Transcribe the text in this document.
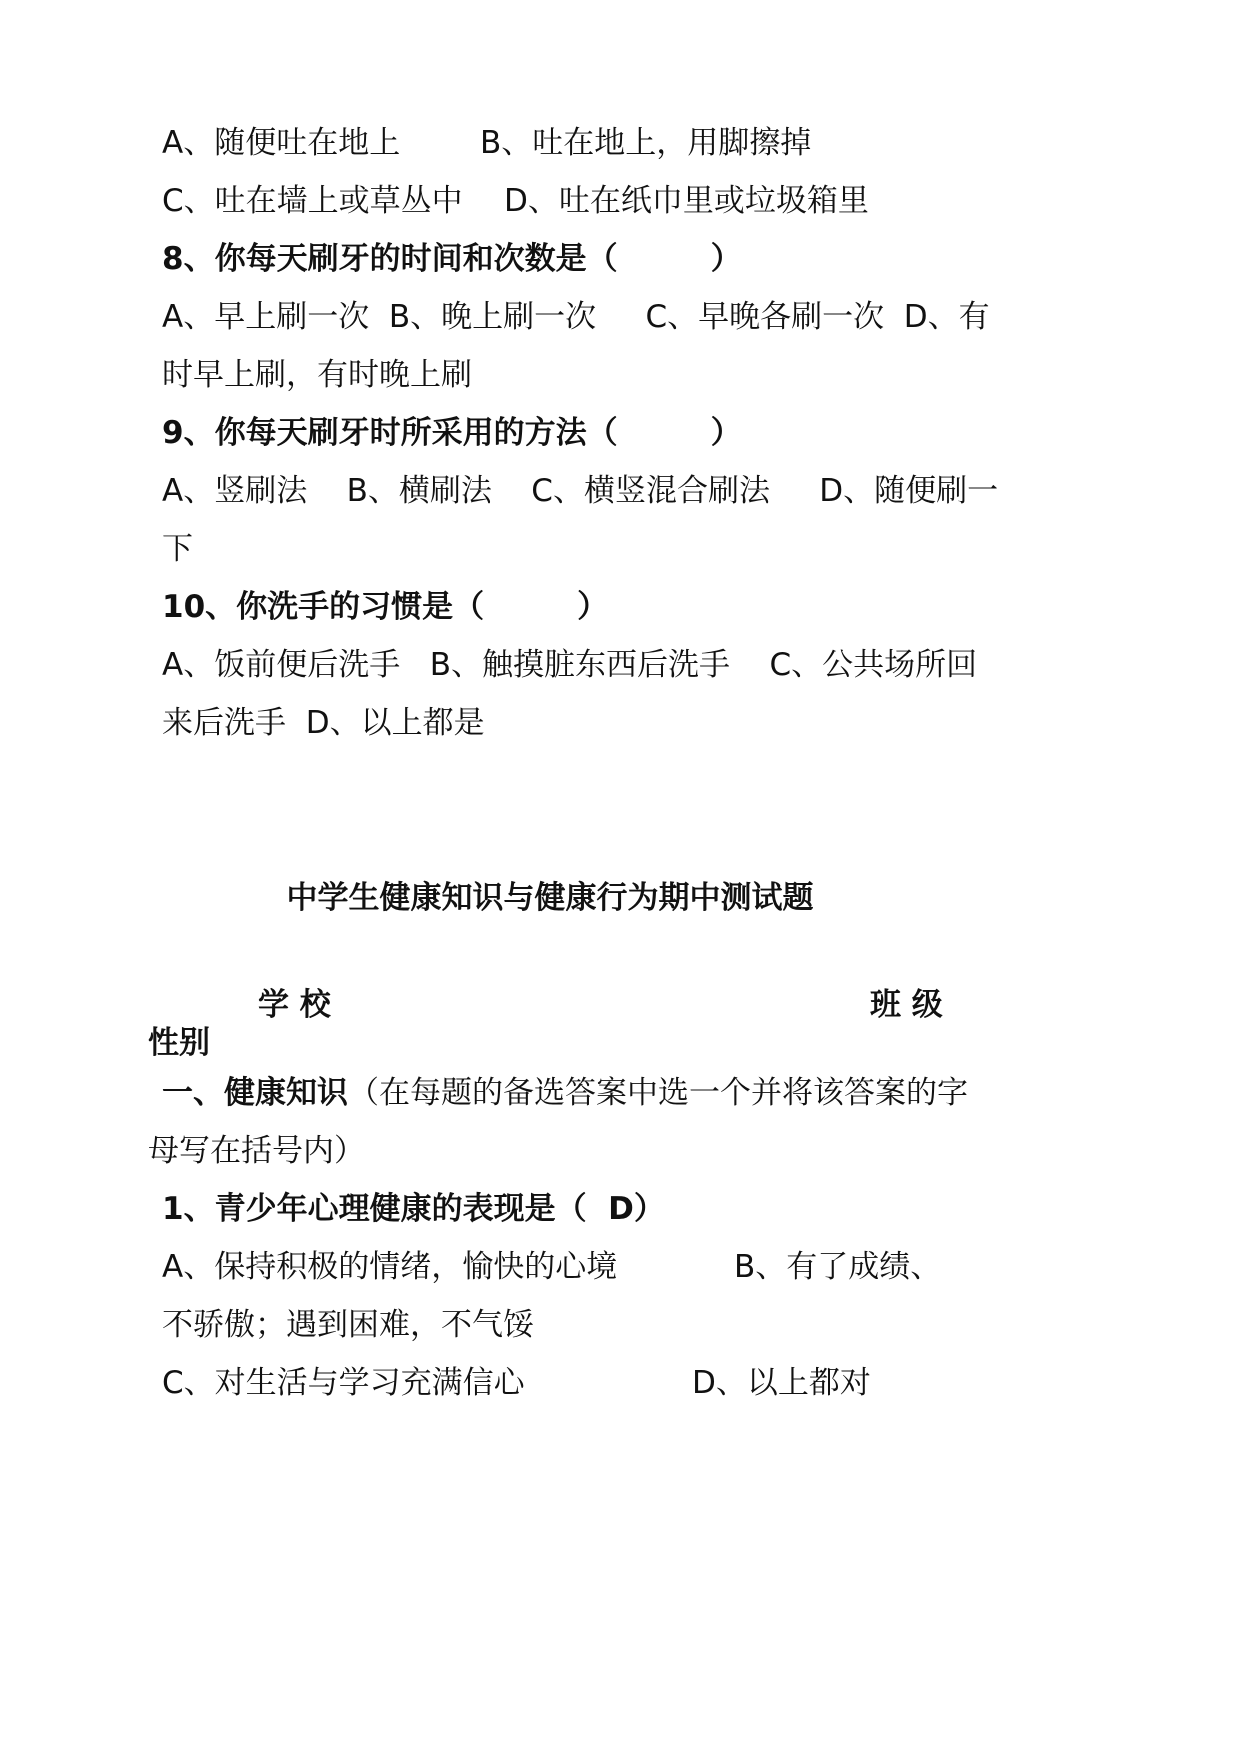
A、随便吐在地上	B、吐在地上，用脚擦掉

C、吐在墙上或草丛中 D、吐在纸巾里或垃圾箱里

8、你每天刷牙的时间和次数是（　　　）

A、早上刷一次  B、晚上刷一次     C、早晚各刷一次  D、有

时早上刷，有时晚上刷

9、你每天刷牙时所采用的方法（　　　）

A、竖刷法    B、横刷法    C、横竖混合刷法     D、随便刷一

下

10、你洗手的习惯是（　　　）

A、饭前便后洗手   B、触摸脏东西后洗手    C、公共场所回

来后洗手  D、以上都是

中学生健康知识与健康行为期中测试题

学 校	班 级

性别

一、健康知识（在每题的备选答案中选一个并将该答案的字

母写在括号内）

1、青少年心理健康的表现是（  D）

A、保持积极的情绪，愉快的心境	B、有了成绩、

不骄傲；遇到困难，不气馁

C、对生活与学习充满信心	D、以上都对
